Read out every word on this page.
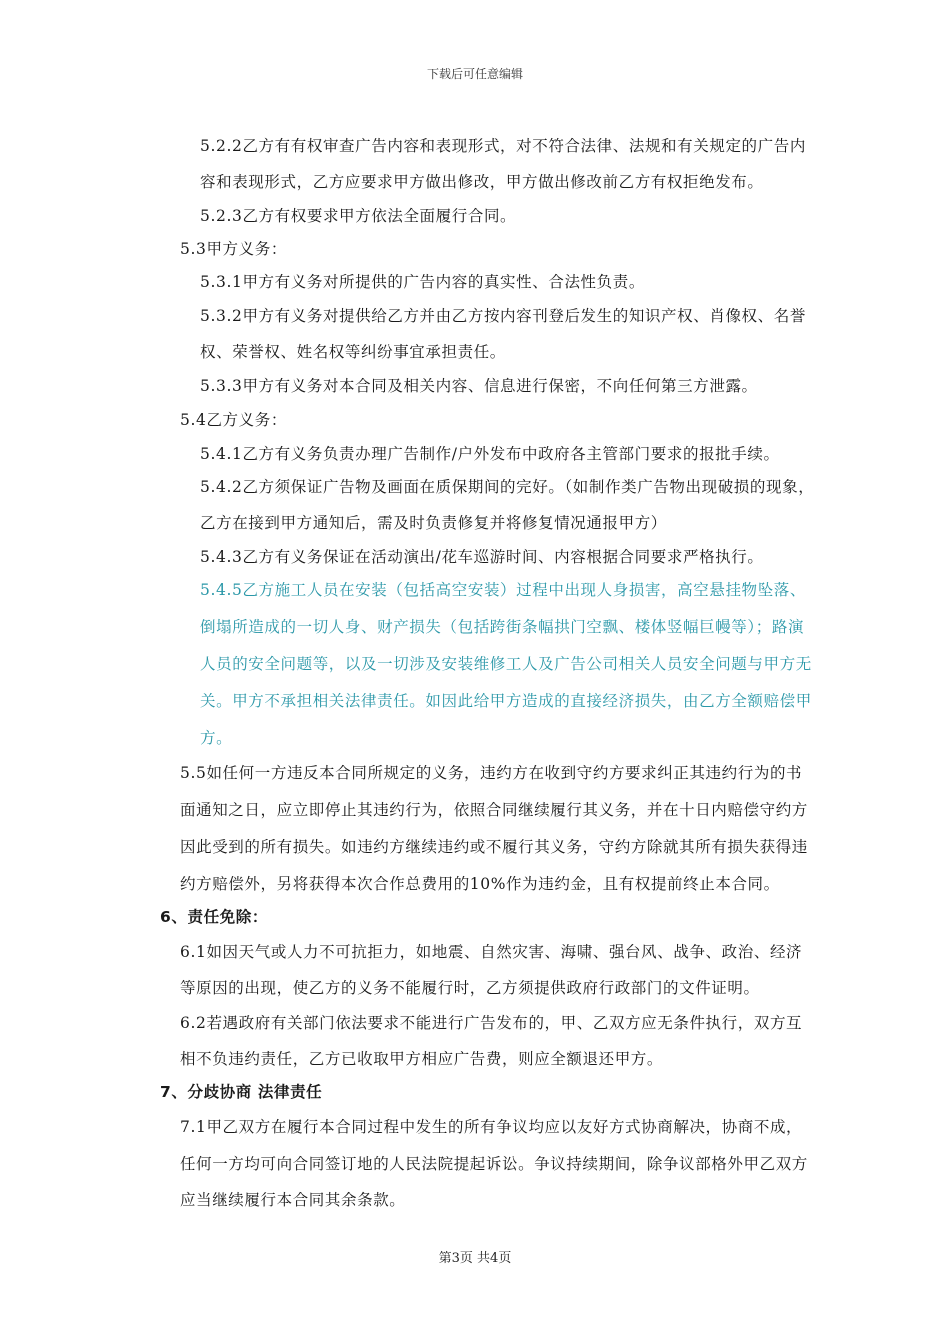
下载后可任意编辑
5.2.2乙方有有权审查广告内容和表现形式，对不符合法律、法规和有关规定的广告内
容和表现形式，乙方应要求甲方做出修改，甲方做出修改前乙方有权拒绝发布。
5.2.3乙方有权要求甲方依法全面履行合同。
5.3甲方义务：
5.3.1甲方有义务对所提供的广告内容的真实性、合法性负责。
5.3.2甲方有义务对提供给乙方并由乙方按内容刊登后发生的知识产权、肖像权、名誉
权、荣誉权、姓名权等纠纷事宜承担责任。
5.3.3甲方有义务对本合同及相关内容、信息进行保密，不向任何第三方泄露。
5.4乙方义务：
5.4.1乙方有义务负责办理广告制作/户外发布中政府各主管部门要求的报批手续。
5.4.2乙方须保证广告物及画面在质保期间的完好。（如制作类广告物出现破损的现象，
乙方在接到甲方通知后，需及时负责修复并将修复情况通报甲方）
5.4.3乙方有义务保证在活动演出/花车巡游时间、内容根据合同要求严格执行。
5.4.5乙方施工人员在安装（包括高空安装）过程中出现人身损害，高空悬挂物坠落、
倒塌所造成的一切人身、财产损失（包括跨街条幅拱门空飘、楼体竖幅巨幔等）；路演
人员的安全问题等，以及一切涉及安装维修工人及广告公司相关人员安全问题与甲方无
关。甲方不承担相关法律责任。如因此给甲方造成的直接经济损失，由乙方全额赔偿甲
方。
5.5如任何一方违反本合同所规定的义务，违约方在收到守约方要求纠正其违约行为的书
面通知之日，应立即停止其违约行为，依照合同继续履行其义务，并在十日内赔偿守约方
因此受到的所有损失。如违约方继续违约或不履行其义务，守约方除就其所有损失获得违
约方赔偿外，另将获得本次合作总费用的10%作为违约金，且有权提前终止本合同。
6、责任免除：
6.1如因天气或人力不可抗拒力，如地震、自然灾害、海啸、强台风、战争、政治、经济
等原因的出现，使乙方的义务不能履行时，乙方须提供政府行政部门的文件证明。
6.2若遇政府有关部门依法要求不能进行广告发布的，甲、乙双方应无条件执行，双方互
相不负违约责任，乙方已收取甲方相应广告费，则应全额退还甲方。
7、分歧协商 法律责任
7.1甲乙双方在履行本合同过程中发生的所有争议均应以友好方式协商解决，协商不成，
任何一方均可向合同签订地的人民法院提起诉讼。争议持续期间，除争议部格外甲乙双方
应当继续履行本合同其余条款。
第3页 共4页
